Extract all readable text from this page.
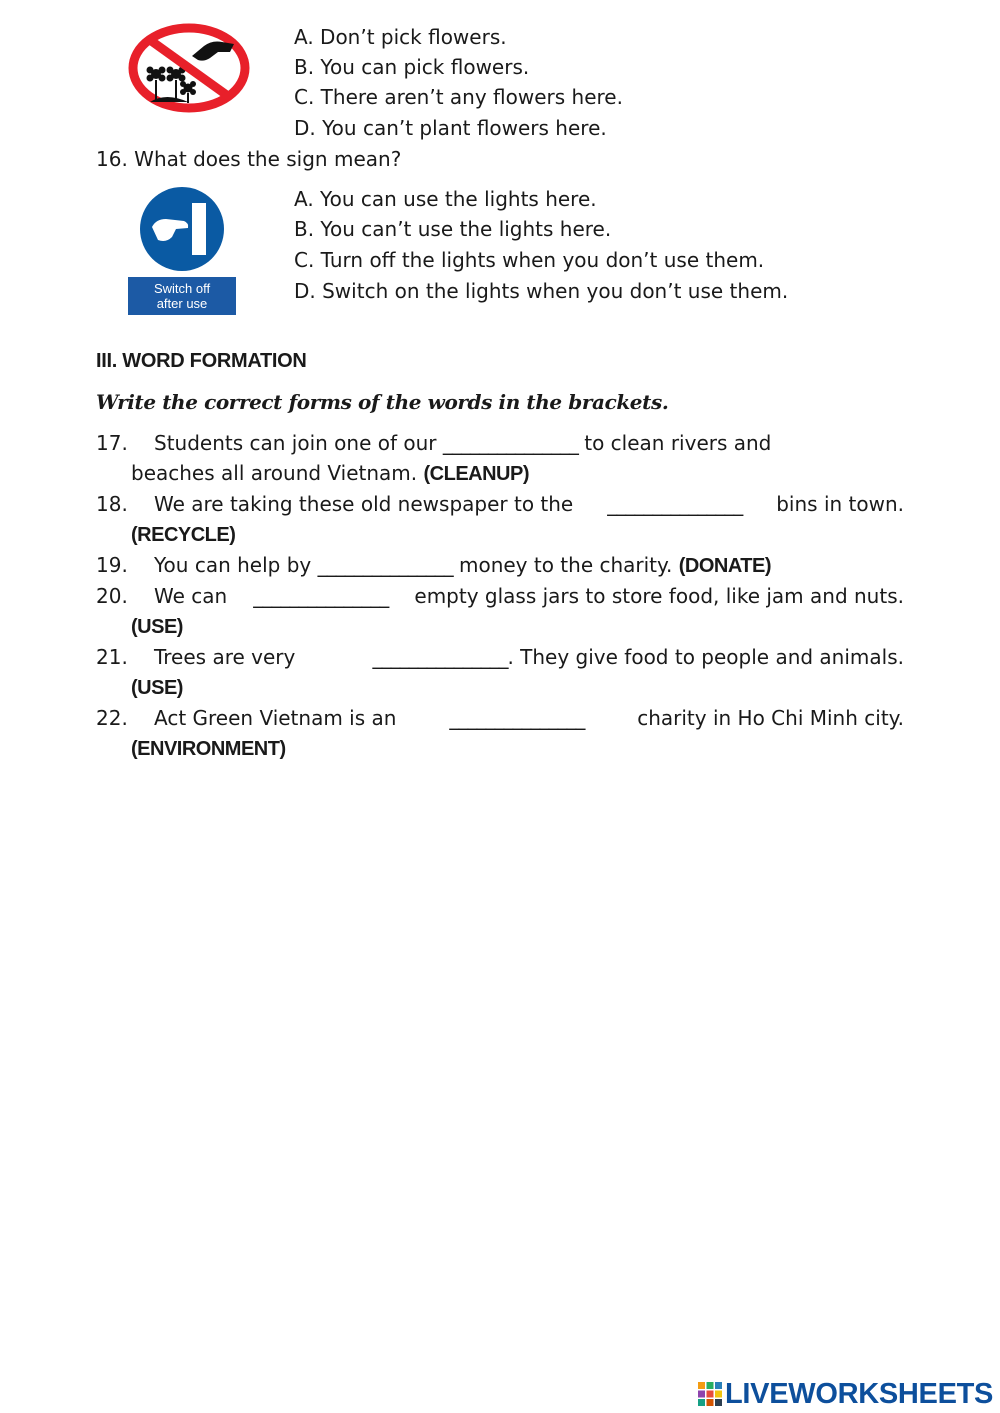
A. Don’t pick flowers.
B. You can pick flowers.
C. There aren’t any flowers here.
D. You can’t plant flowers here.
16. What does the sign mean?
Switch off
after use
A. You can use the lights here.
B. You can’t use the lights here.
C. Turn off the lights when you don’t use them.
D. Switch on the lights when you don’t use them.
III. WORD FORMATION
Write the correct forms of the words in the brackets.
17. Students can join one of our _______________ to clean rivers and
beaches all around Vietnam. (CLEANUP)
18. We are taking these old newspaper to the _______________ bins in town.
(RECYCLE)
19. You can help by _______________ money to the charity. (DONATE)
20. We can _______________ empty glass jars to store food, like jam and nuts.
(USE)
21. Trees are very	_______________. They give food to people and animals.
(USE)
22. Act Green Vietnam is an	_______________	charity in Ho Chi Minh city.
(ENVIRONMENT)
LIVEWORKSHEETS
